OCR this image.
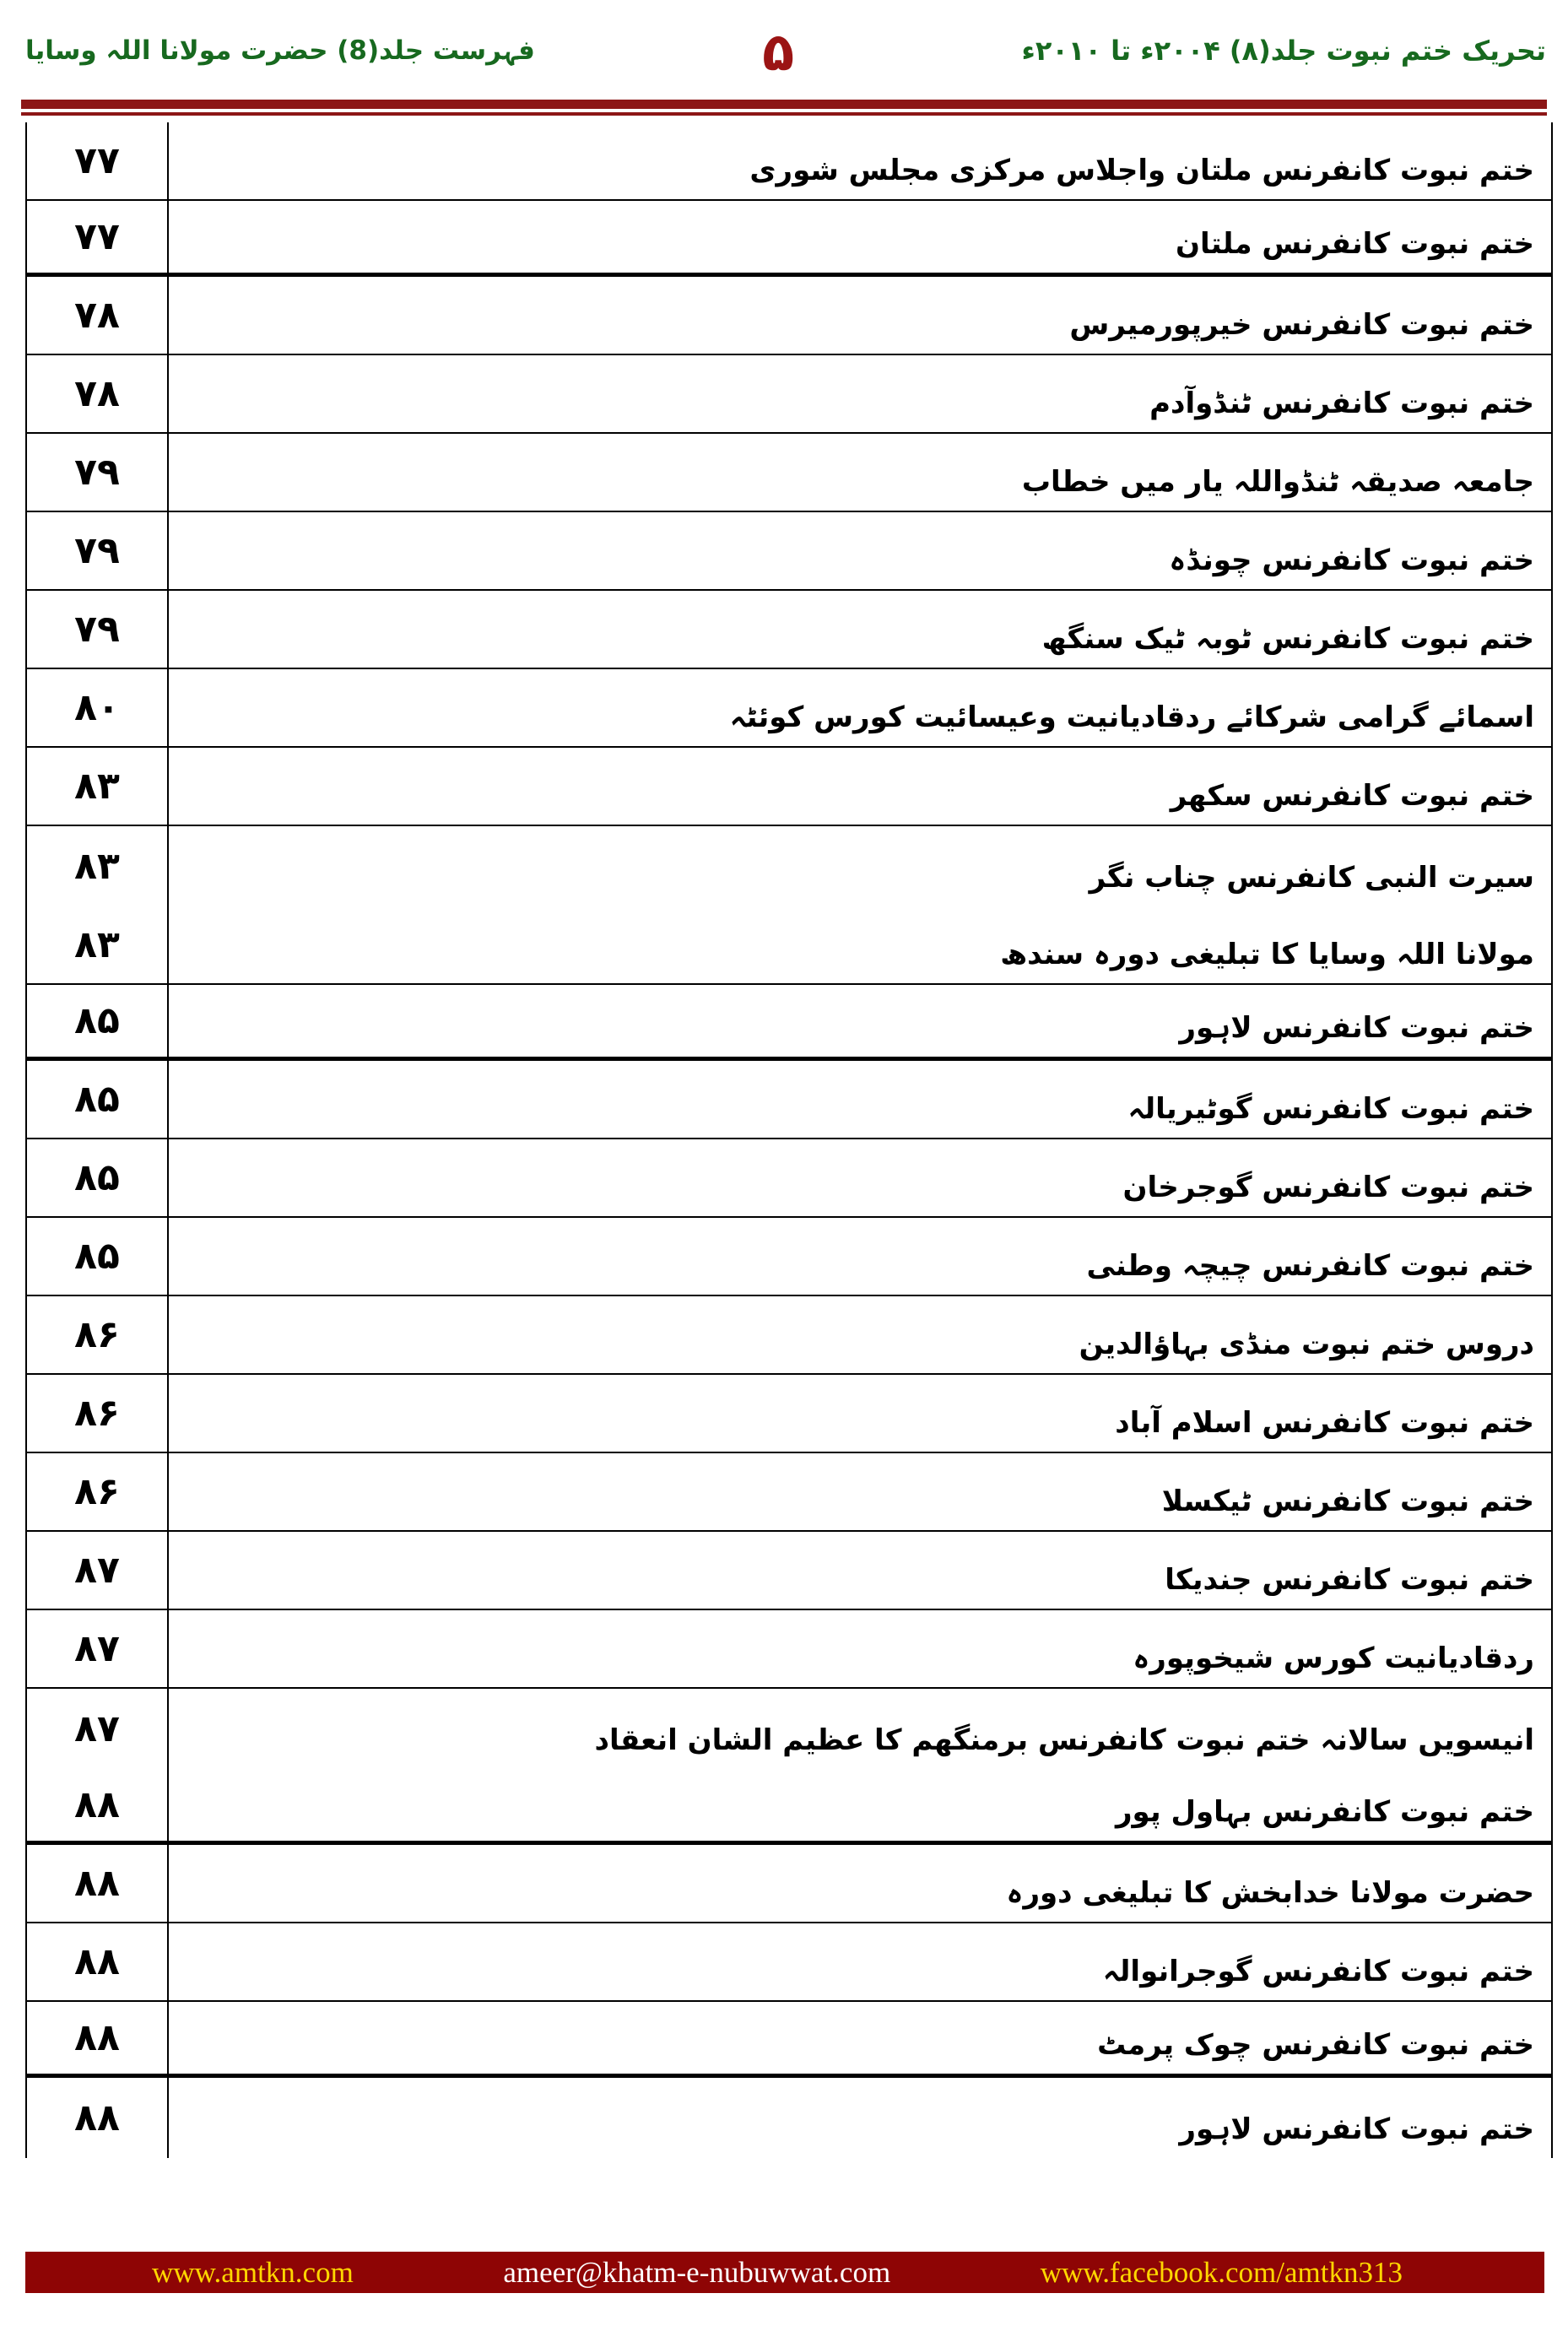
فہرست جلد(8) حضرت مولانا اللہ وسایا	۵	تحریک ختم نبوت جلد(۸) ۲۰۰۴ء تا ۲۰۱۰ء
۷۷	ختم نبوت کانفرنس ملتان واجلاس مرکزی مجلس شوری
۷۷	ختم نبوت کانفرنس ملتان
۷۸	ختم نبوت کانفرنس خیرپورمیرس
۷۸	ختم نبوت کانفرنس ٹنڈوآدم
۷۹	جامعہ صدیقہ ٹنڈواللہ یار میں خطاب
۷۹	ختم نبوت کانفرنس چونڈہ
۷۹	ختم نبوت کانفرنس ٹوبہ ٹیک سنگھ
۸۰	اسمائے گرامی شرکائے ردقادیانیت وعیسائیت کورس کوئٹہ
۸۳	ختم نبوت کانفرنس سکھر
۸۳	سیرت النبی کانفرنس چناب نگر
۸۳	مولانا اللہ وسایا کا تبلیغی دورہ سندھ
۸۵	ختم نبوت کانفرنس لاہور
۸۵	ختم نبوت کانفرنس گوٹیریالہ
۸۵	ختم نبوت کانفرنس گوجرخان
۸۵	ختم نبوت کانفرنس چیچہ وطنی
۸۶	دروس ختم نبوت منڈی بہاؤالدین
۸۶	ختم نبوت کانفرنس اسلام آباد
۸۶	ختم نبوت کانفرنس ٹیکسلا
۸۷	ختم نبوت کانفرنس جندیکا
۸۷	ردقادیانیت کورس شیخوپورہ
۸۷	انیسویں سالانہ ختم نبوت کانفرنس برمنگھم کا عظیم الشان انعقاد
۸۸	ختم نبوت کانفرنس بہاول پور
۸۸	حضرت مولانا خدابخش کا تبلیغی دورہ
۸۸	ختم نبوت کانفرنس گوجرانوالہ
۸۸	ختم نبوت کانفرنس چوک پرمٹ
۸۸	ختم نبوت کانفرنس لاہور
www.amtkn.com	ameer@khatm-e-nubuwwat.com	www.facebook.com/amtkn313
